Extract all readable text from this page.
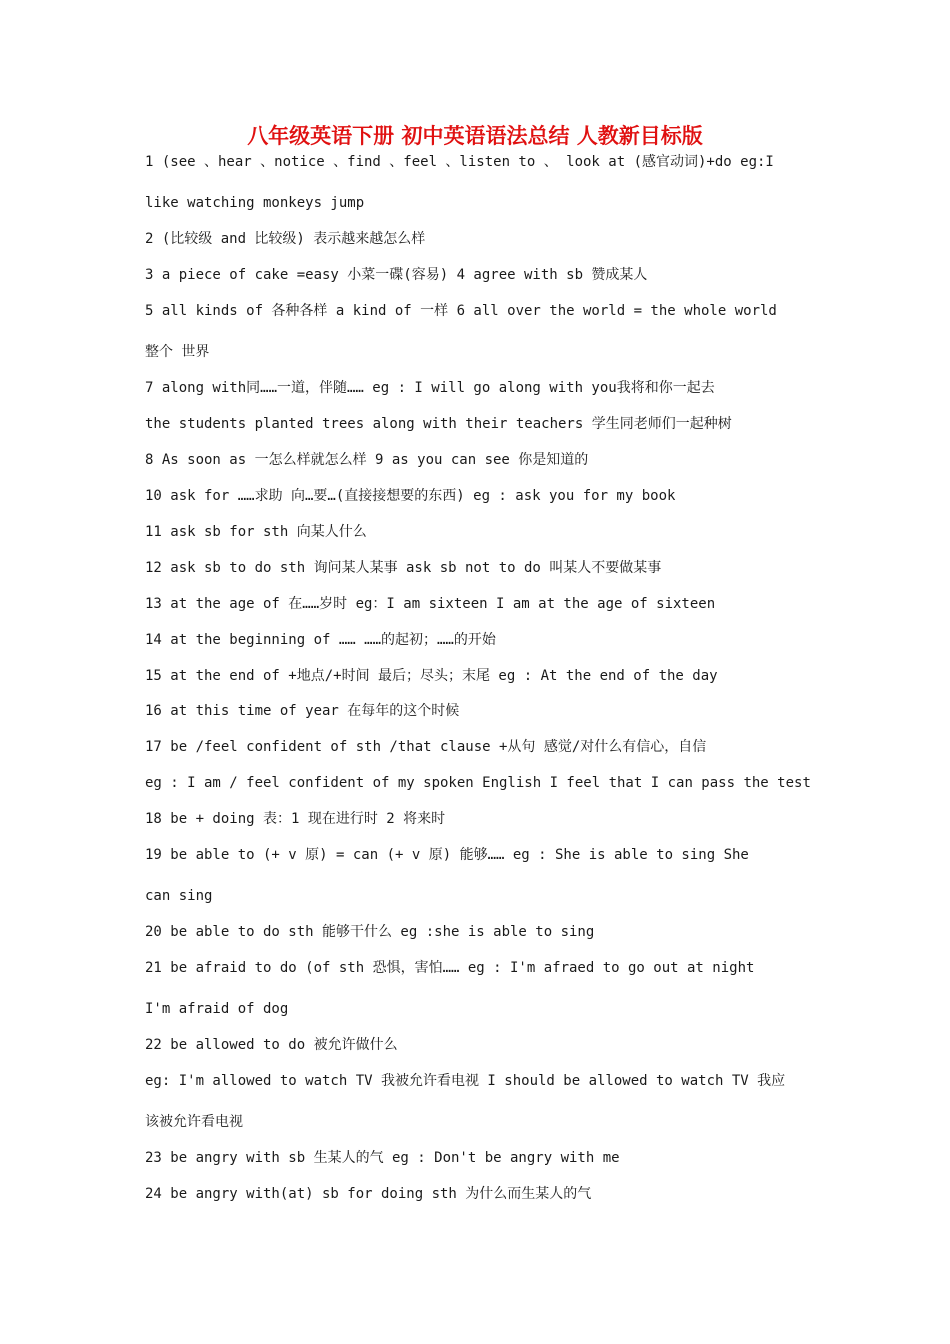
八年级英语下册 初中英语语法总结 人教新目标版
1 (see 、hear 、notice 、find 、feel 、listen to 、 look at (感官动词)+do eg:I
like watching monkeys jump
2 (比较级 and 比较级) 表示越来越怎么样
3 a piece of cake =easy 小菜一碟(容易) 4 agree with sb 赞成某人
5 all kinds of 各种各样 a kind of 一样 6 all over the world = the whole world
整个 世界
7 along with同……一道，伴随…… eg : I will go along with you我将和你一起去
the students planted trees along with their teachers 学生同老师们一起种树
8 As soon as 一怎么样就怎么样 9 as you can see 你是知道的
10 ask for ……求助 向…要…(直接接想要的东西) eg : ask you for my book
11 ask sb for sth 向某人什么
12 ask sb to do sth 询问某人某事 ask sb not to do 叫某人不要做某事
13 at the age of 在……岁时 eg：I am sixteen I am at the age of sixteen
14 at the beginning of …… ……的起初；……的开始
15 at the end of +地点/+时间 最后；尽头；末尾 eg : At the end of the day
16 at this time of year 在每年的这个时候
17 be /feel confident of sth /that clause +从句 感觉/对什么有信心，自信
eg : I am / feel confident of my spoken English I feel that I can pass the test
18 be + doing 表：1 现在进行时 2 将来时
19 be able to (+ v 原) = can (+ v 原) 能够…… eg : She is able to sing She
can sing
20 be able to do sth 能够干什么 eg :she is able to sing
21 be afraid to do (of sth 恐惧，害怕…… eg : I'm afraed to go out at night
I'm afraid of dog
22 be allowed to do 被允许做什么
eg: I'm allowed to watch TV 我被允许看电视 I should be allowed to watch TV 我应
该被允许看电视
23 be angry with sb 生某人的气 eg : Don't be angry with me
24 be angry with(at) sb for doing sth 为什么而生某人的气
